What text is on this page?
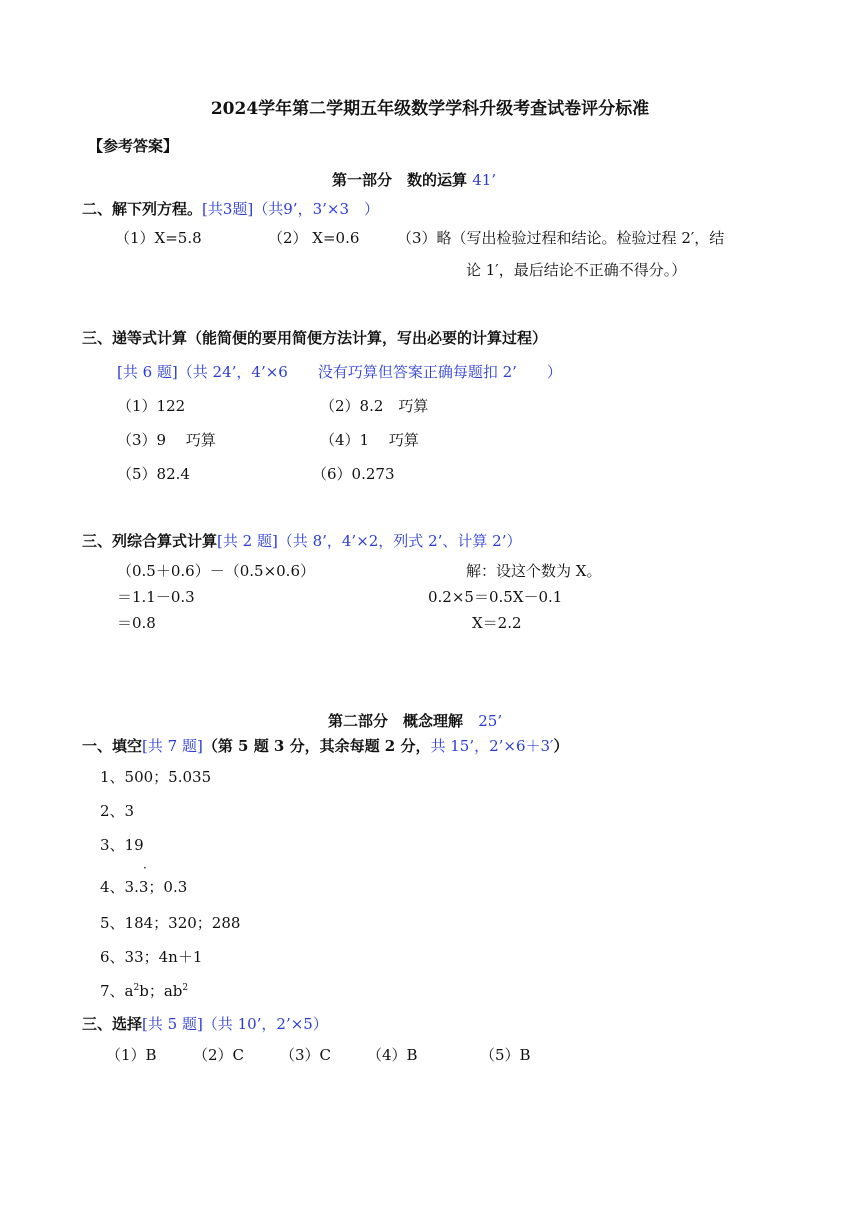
2024学年第二学期五年级数学学科升级考查试卷评分标准
【参考答案】
第一部分　数的运算 41’
二、解下列方程。[共3题]（共9’，3’×3　）
（1）X=5.8	（2） X=0.6	（3）略（写出检验过程和结论。检验过程 2′，结
论 1′，最后结论不正确不得分。）
三、递等式计算（能简便的要用简便方法计算，写出必要的计算过程）
[共 6 题]（共 24’，4’×6　　没有巧算但答案正确每题扣 2’　　）
（1）122	（2）8.2　巧算
（3）9　 巧算	（4）1　 巧算
（5）82.4	（6）0.273
三、列综合算式计算[共 2 题]（共 8’，4’×2，列式 2’、计算 2’）
（0.5＋0.6）－（0.5×0.6）
＝1.1－0.3
＝0.8
解：设这个数为 X。
0.2×5＝0.5X－0.1
X＝2.2
第二部分　概念理解 25’
一、填空[共 7 题]（第 5 题 3 分，其余每题 2 分，共 15’，2’×6＋3′）
1、500；5.035
2、3
3、19
·
4、3.3；0.3
5、184；320；288
6、33；4n＋1
7、$a^2b$；$ab^2$
三、选择[共 5 题]（共 10’，2’×5）
（1）B （2）C （3）C （4）B	（5）B
